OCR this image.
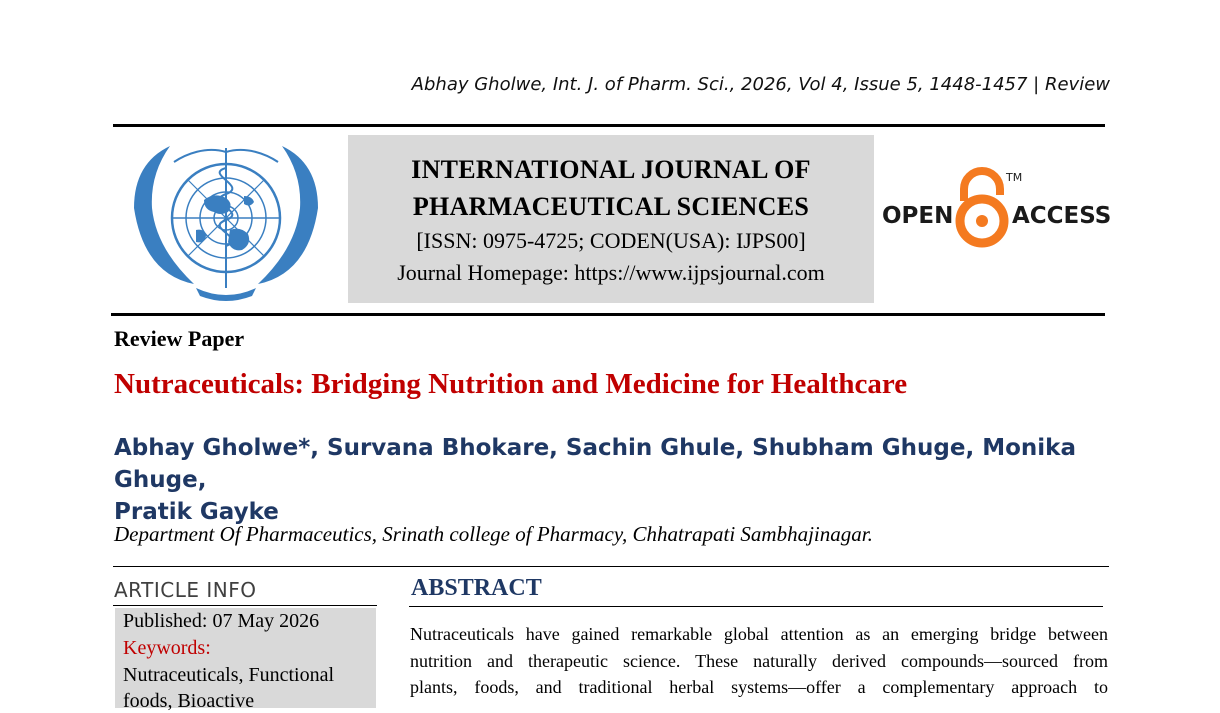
Abhay Gholwe, Int. J. of Pharm. Sci., 2026, Vol 4, Issue 5, 1448-1457 | Review
INTERNATIONAL JOURNAL OF
PHARMACEUTICAL SCIENCES
[ISSN: 0975-4725; CODEN(USA): IJPS00]
Journal Homepage: https://www.ijpsjournal.com
OPEN
TM
ACCESS
Review Paper
Nutraceuticals: Bridging Nutrition and Medicine for Healthcare
Abhay Gholwe*, Survana Bhokare, Sachin Ghule, Shubham Ghuge, Monika Ghuge,
Pratik Gayke
Department Of Pharmaceutics, Srinath college of Pharmacy, Chhatrapati Sambhajinagar.
ARTICLE INFO
Published: 07 May 2026
Keywords:
Nutraceuticals, Functional
foods, Bioactive
ABSTRACT
Nutraceuticals have gained remarkable global attention as an emerging bridge between
nutrition and therapeutic science. These naturally derived compounds—sourced from
plants, foods, and traditional herbal systems—offer a complementary approach to
